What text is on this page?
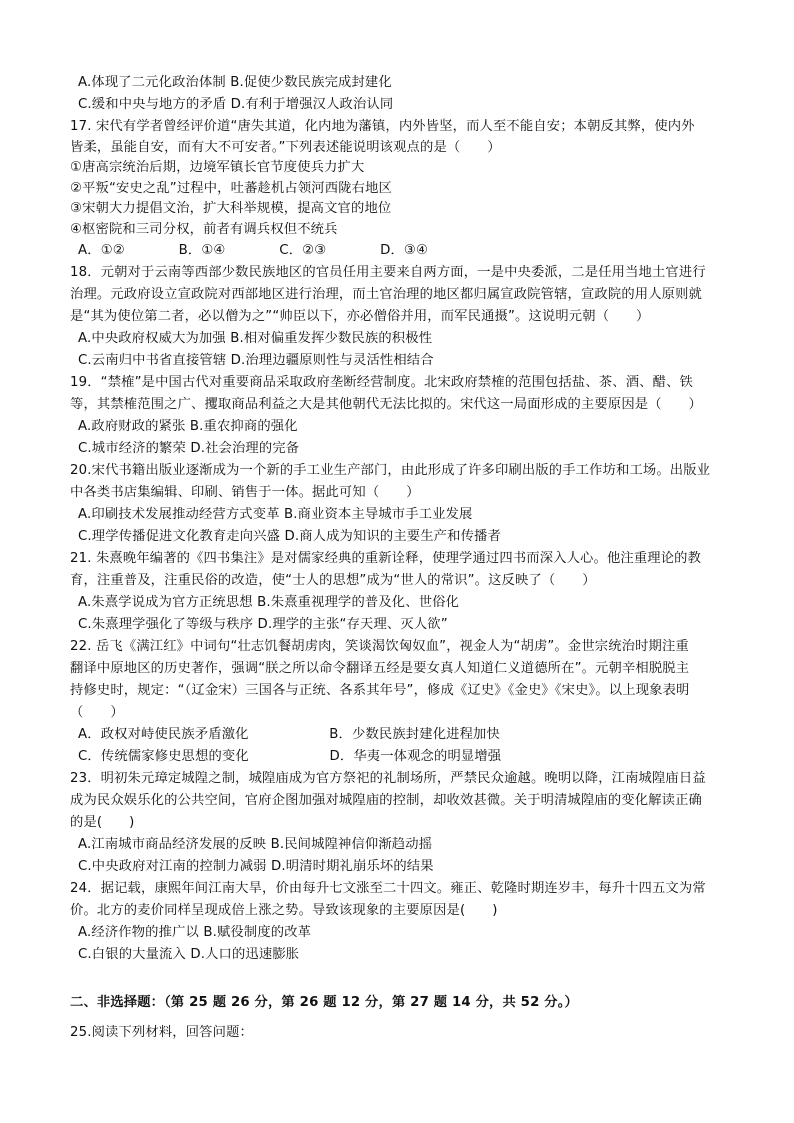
A.体现了二元化政治体制 B.促使少数民族完成封建化
C.缓和中央与地方的矛盾 D.有利于增强汉人政治认同
17. 宋代有学者曾经评价道“唐失其道，化内地为藩镇，内外皆坚，而人至不能自安；本朝反其弊，使内外
皆柔，虽能自安，而有大不可安者。”下列表述能说明该观点的是（　　）
①唐高宗统治后期，边境军镇长官节度使兵力扩大
②平叛“安史之乱”过程中，吐蕃趁机占领河西陇右地区
③宋朝大力提倡文治，扩大科举规模，提高文官的地位
④枢密院和三司分权，前者有调兵权但不统兵
A．①②　　　　B．①④　　　　C．②③　　　　D．③④
18．元朝对于云南等西部少数民族地区的官员任用主要来自两方面，一是中央委派，二是任用当地土官进行
治理。元政府设立宣政院对西部地区进行治理，而土官治理的地区都归属宣政院管辖，宣政院的用人原则就
是“其为使位第二者，必以僧为之”“帅臣以下，亦必僧俗并用，而军民通摄”。这说明元朝（　　）
A.中央政府权威大为加强 B.相对偏重发挥少数民族的积极性
C.云南归中书省直接管辖 D.治理边疆原则性与灵活性相结合
19．“禁榷”是中国古代对重要商品采取政府垄断经营制度。北宋政府禁榷的范围包括盐、茶、酒、醋、铁
等，其禁榷范围之广、攫取商品利益之大是其他朝代无法比拟的。宋代这一局面形成的主要原因是（　　）
A.政府财政的紧张 B.重农抑商的强化
C.城市经济的繁荣 D.社会治理的完备
20.宋代书籍出版业逐渐成为一个新的手工业生产部门，由此形成了许多印刷出版的手工作坊和工场。出版业
中各类书店集编辑、印刷、销售于一体。据此可知（　　）
A.印刷技术发展推动经营方式变革 B.商业资本主导城市手工业发展
C.理学传播促进文化教育走向兴盛 D.商人成为知识的主要生产和传播者
21. 朱熹晚年编著的《四书集注》是对儒家经典的重新诠释，使理学通过四书而深入人心。他注重理论的教
育，注重普及，注重民俗的改造，使“士人的思想”成为“世人的常识”。这反映了（　　）
A.朱熹学说成为官方正统思想 B.朱熹重视理学的普及化、世俗化
C.朱熹理学强化了等级与秩序 D.理学的主张“存天理、灭人欲”
22. 岳飞《满江红》中词句“壮志饥餐胡虏肉，笑谈渴饮匈奴血”，视金人为“胡虏”。金世宗统治时期注重
翻译中原地区的历史著作，强调“朕之所以命令翻译五经是要女真人知道仁义道德所在”。元朝辛相脱脱主
持修史时，规定：“（辽金宋）三国各与正统、各系其年号”，修成《辽史》《金史》《宋史》。以上现象表明
（　　）
A．政权对峙使民族矛盾激化　　　　　　B．少数民族封建化进程加快
C．传统儒家修史思想的变化　　　　　　D．华夷一体观念的明显增强
23．明初朱元璋定城隍之制，城隍庙成为官方祭祀的礼制场所，严禁民众逾越。晚明以降，江南城隍庙日益
成为民众娱乐化的公共空间，官府企图加强对城隍庙的控制，却收效甚微。关于明清城隍庙的变化解读正确
的是(　　)
A.江南城市商品经济发展的反映 B.民间城隍神信仰渐趋动摇
C.中央政府对江南的控制力减弱 D.明清时期礼崩乐坏的结果
24．据记载，康熙年间江南大旱，价由每升七文涨至二十四文。雍正、乾隆时期连岁丰，每升十四五文为常
价。北方的麦价同样呈现成倍上涨之势。导致该现象的主要原因是(　　)
A.经济作物的推广以 B.赋役制度的改革
C.白银的大量流入 D.人口的迅速膨胀
二、非选择题：（第 25 题 26 分，第 26 题 12 分，第 27 题 14 分，共 52 分。）
25.阅读下列材料，回答问题：
